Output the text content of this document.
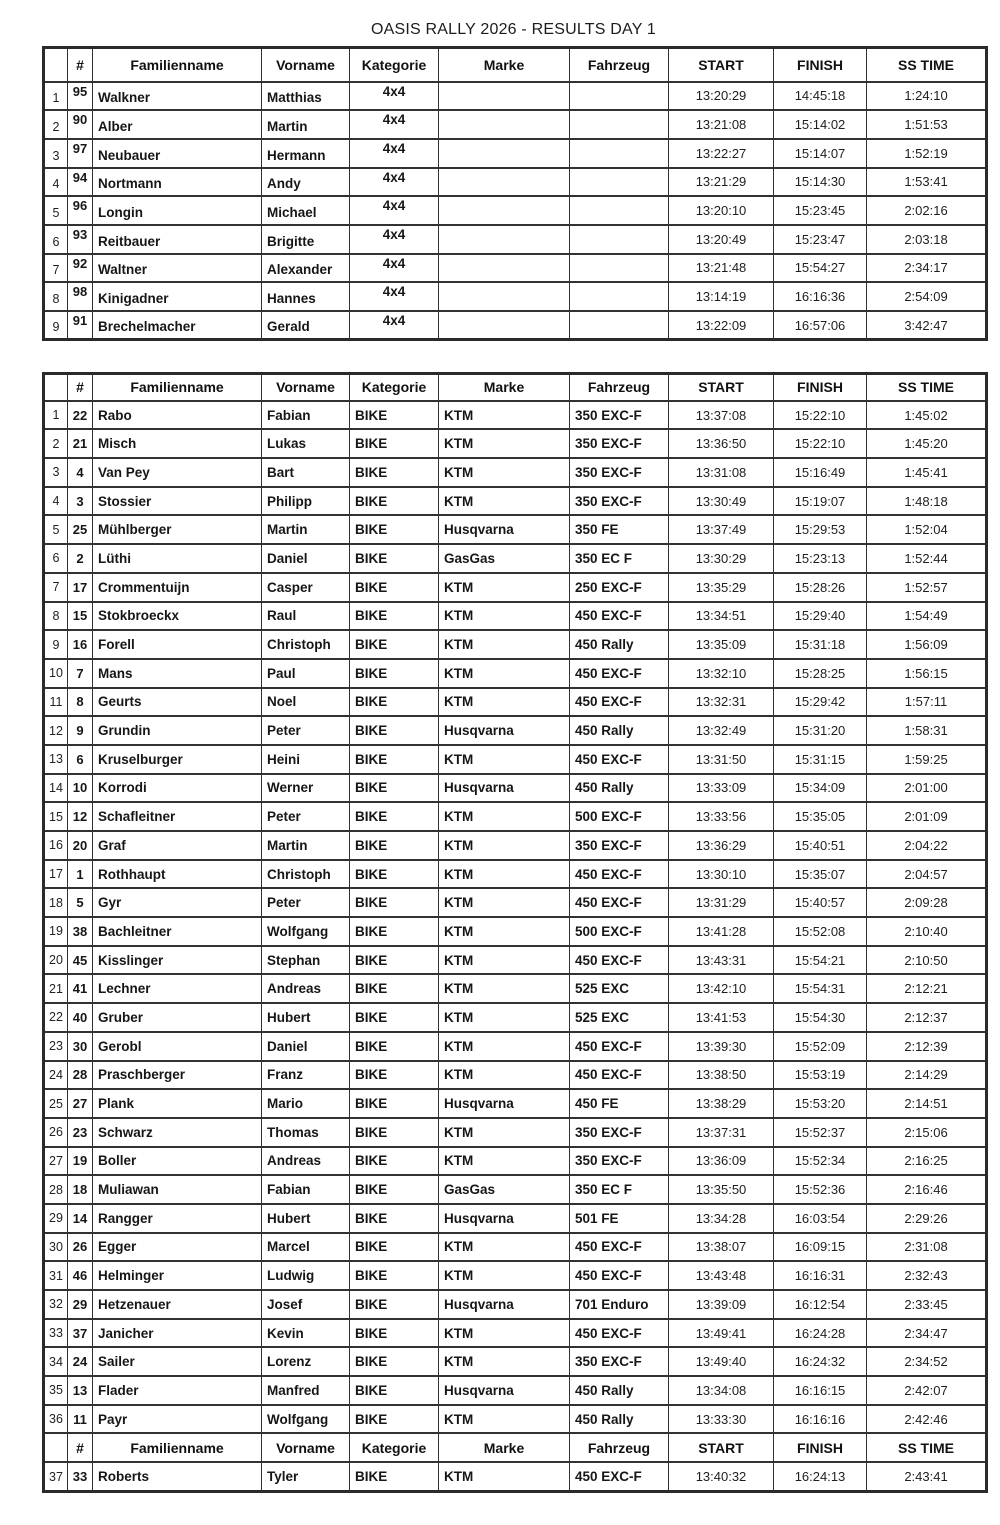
OASIS RALLY 2026 - RESULTS DAY 1
	#	Familienname	Vorname	Kategorie	Marke	Fahrzeug	START	FINISH	SS TIME
1	95	Walkner	Matthias	4x4			13:20:29	14:45:18	1:24:10
2	90	Alber	Martin	4x4			13:21:08	15:14:02	1:51:53
3	97	Neubauer	Hermann	4x4			13:22:27	15:14:07	1:52:19
4	94	Nortmann	Andy	4x4			13:21:29	15:14:30	1:53:41
5	96	Longin	Michael	4x4			13:20:10	15:23:45	2:02:16
6	93	Reitbauer	Brigitte	4x4			13:20:49	15:23:47	2:03:18
7	92	Waltner	Alexander	4x4			13:21:48	15:54:27	2:34:17
8	98	Kinigadner	Hannes	4x4			13:14:19	16:16:36	2:54:09
9	91	Brechelmacher	Gerald	4x4			13:22:09	16:57:06	3:42:47
	#	Familienname	Vorname	Kategorie	Marke	Fahrzeug	START	FINISH	SS TIME
1	22	Rabo	Fabian	BIKE	KTM	350 EXC-F	13:37:08	15:22:10	1:45:02
2	21	Misch	Lukas	BIKE	KTM	350 EXC-F	13:36:50	15:22:10	1:45:20
3	4	Van Pey	Bart	BIKE	KTM	350 EXC-F	13:31:08	15:16:49	1:45:41
4	3	Stossier	Philipp	BIKE	KTM	350 EXC-F	13:30:49	15:19:07	1:48:18
5	25	Mühlberger	Martin	BIKE	Husqvarna	350 FE	13:37:49	15:29:53	1:52:04
6	2	Lüthi	Daniel	BIKE	GasGas	350 EC F	13:30:29	15:23:13	1:52:44
7	17	Crommentuijn	Casper	BIKE	KTM	250 EXC-F	13:35:29	15:28:26	1:52:57
8	15	Stokbroeckx	Raul	BIKE	KTM	450 EXC-F	13:34:51	15:29:40	1:54:49
9	16	Forell	Christoph	BIKE	KTM	450 Rally	13:35:09	15:31:18	1:56:09
10	7	Mans	Paul	BIKE	KTM	450 EXC-F	13:32:10	15:28:25	1:56:15
11	8	Geurts	Noel	BIKE	KTM	450 EXC-F	13:32:31	15:29:42	1:57:11
12	9	Grundin	Peter	BIKE	Husqvarna	450 Rally	13:32:49	15:31:20	1:58:31
13	6	Kruselburger	Heini	BIKE	KTM	450 EXC-F	13:31:50	15:31:15	1:59:25
14	10	Korrodi	Werner	BIKE	Husqvarna	450 Rally	13:33:09	15:34:09	2:01:00
15	12	Schafleitner	Peter	BIKE	KTM	500 EXC-F	13:33:56	15:35:05	2:01:09
16	20	Graf	Martin	BIKE	KTM	350 EXC-F	13:36:29	15:40:51	2:04:22
17	1	Rothhaupt	Christoph	BIKE	KTM	450 EXC-F	13:30:10	15:35:07	2:04:57
18	5	Gyr	Peter	BIKE	KTM	450 EXC-F	13:31:29	15:40:57	2:09:28
19	38	Bachleitner	Wolfgang	BIKE	KTM	500 EXC-F	13:41:28	15:52:08	2:10:40
20	45	Kisslinger	Stephan	BIKE	KTM	450 EXC-F	13:43:31	15:54:21	2:10:50
21	41	Lechner	Andreas	BIKE	KTM	525 EXC	13:42:10	15:54:31	2:12:21
22	40	Gruber	Hubert	BIKE	KTM	525 EXC	13:41:53	15:54:30	2:12:37
23	30	Gerobl	Daniel	BIKE	KTM	450 EXC-F	13:39:30	15:52:09	2:12:39
24	28	Praschberger	Franz	BIKE	KTM	450 EXC-F	13:38:50	15:53:19	2:14:29
25	27	Plank	Mario	BIKE	Husqvarna	450 FE	13:38:29	15:53:20	2:14:51
26	23	Schwarz	Thomas	BIKE	KTM	350 EXC-F	13:37:31	15:52:37	2:15:06
27	19	Boller	Andreas	BIKE	KTM	350 EXC-F	13:36:09	15:52:34	2:16:25
28	18	Muliawan	Fabian	BIKE	GasGas	350 EC F	13:35:50	15:52:36	2:16:46
29	14	Rangger	Hubert	BIKE	Husqvarna	501 FE	13:34:28	16:03:54	2:29:26
30	26	Egger	Marcel	BIKE	KTM	450 EXC-F	13:38:07	16:09:15	2:31:08
31	46	Helminger	Ludwig	BIKE	KTM	450 EXC-F	13:43:48	16:16:31	2:32:43
32	29	Hetzenauer	Josef	BIKE	Husqvarna	701 Enduro	13:39:09	16:12:54	2:33:45
33	37	Janicher	Kevin	BIKE	KTM	450 EXC-F	13:49:41	16:24:28	2:34:47
34	24	Sailer	Lorenz	BIKE	KTM	350 EXC-F	13:49:40	16:24:32	2:34:52
35	13	Flader	Manfred	BIKE	Husqvarna	450 Rally	13:34:08	16:16:15	2:42:07
36	11	Payr	Wolfgang	BIKE	KTM	450 Rally	13:33:30	16:16:16	2:42:46
	#	Familienname	Vorname	Kategorie	Marke	Fahrzeug	START	FINISH	SS TIME
37	33	Roberts	Tyler	BIKE	KTM	450 EXC-F	13:40:32	16:24:13	2:43:41
